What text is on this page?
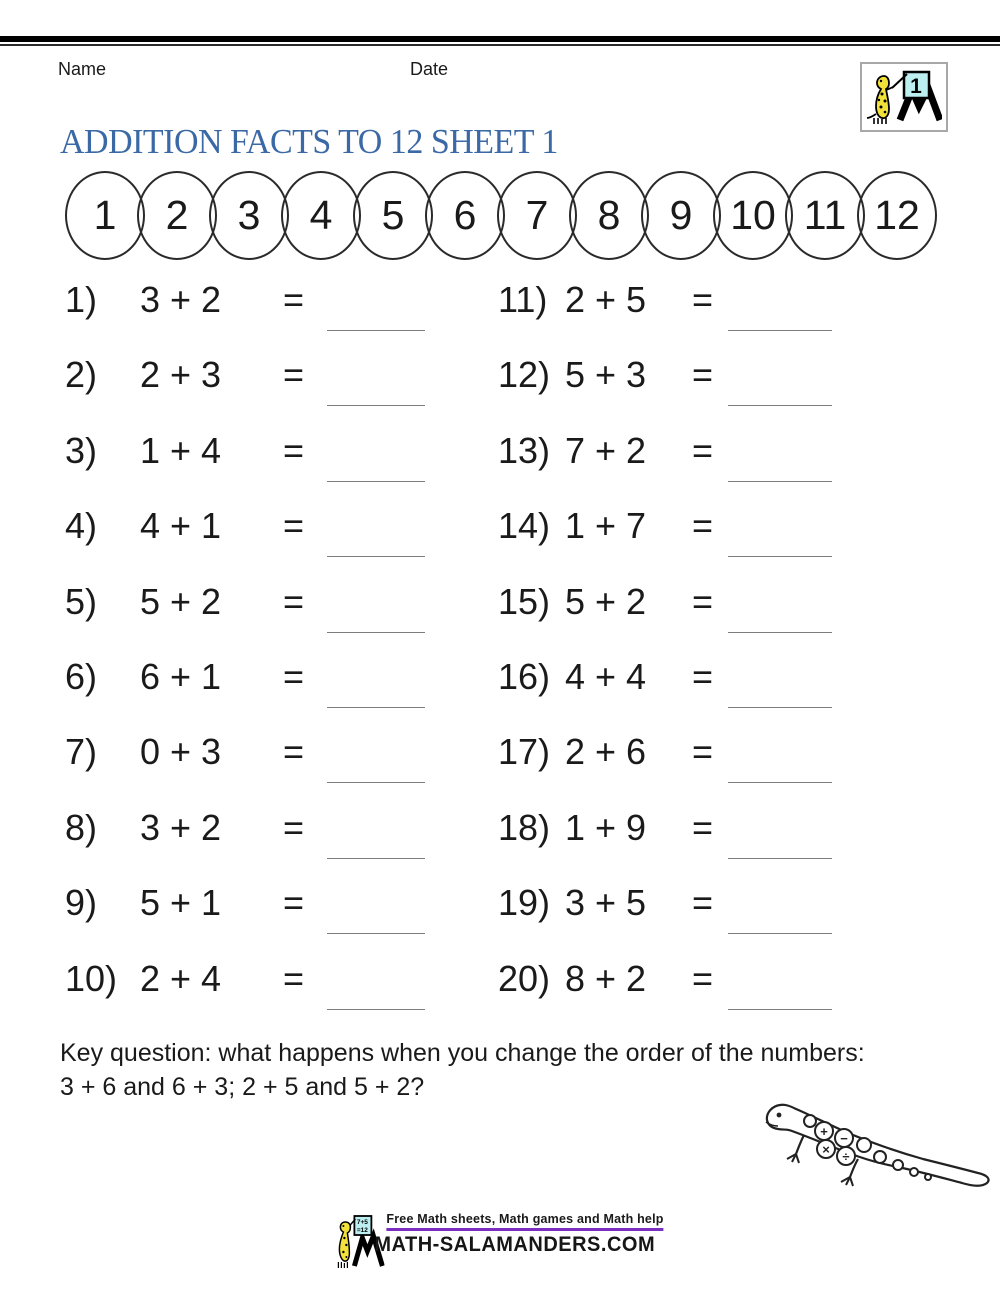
Name	Date
1
ADDITION FACTS TO 12 SHEET 1
1	2	3	4	5	6	7	8	9 10 11 12
1) 3 + 2 =
2) 2 + 3 =
3) 1 + 4 =
4) 4 + 1 =
5) 5 + 2 =
6) 6 + 1 =
7) 0 + 3 =
8) 3 + 2 =
9) 5 + 1 =
10) 2 + 4 =
11) 2 + 5 =
12) 5 + 3 =
13) 7 + 2 =
14) 1 + 7 =
15) 5 + 2 =
16) 4 + 4 =
17) 2 + 6 =
18) 1 + 9 =
19) 3 + 5 =
20) 8 + 2 =
Key question: what happens when you change the order of the numbers:
3 + 6 and 6 + 3; 2 + 5 and 5 + 2?
+ −
× ÷
7+5
=12
Free Math sheets, Math games and Math help
MATH-SALAMANDERS.COM
